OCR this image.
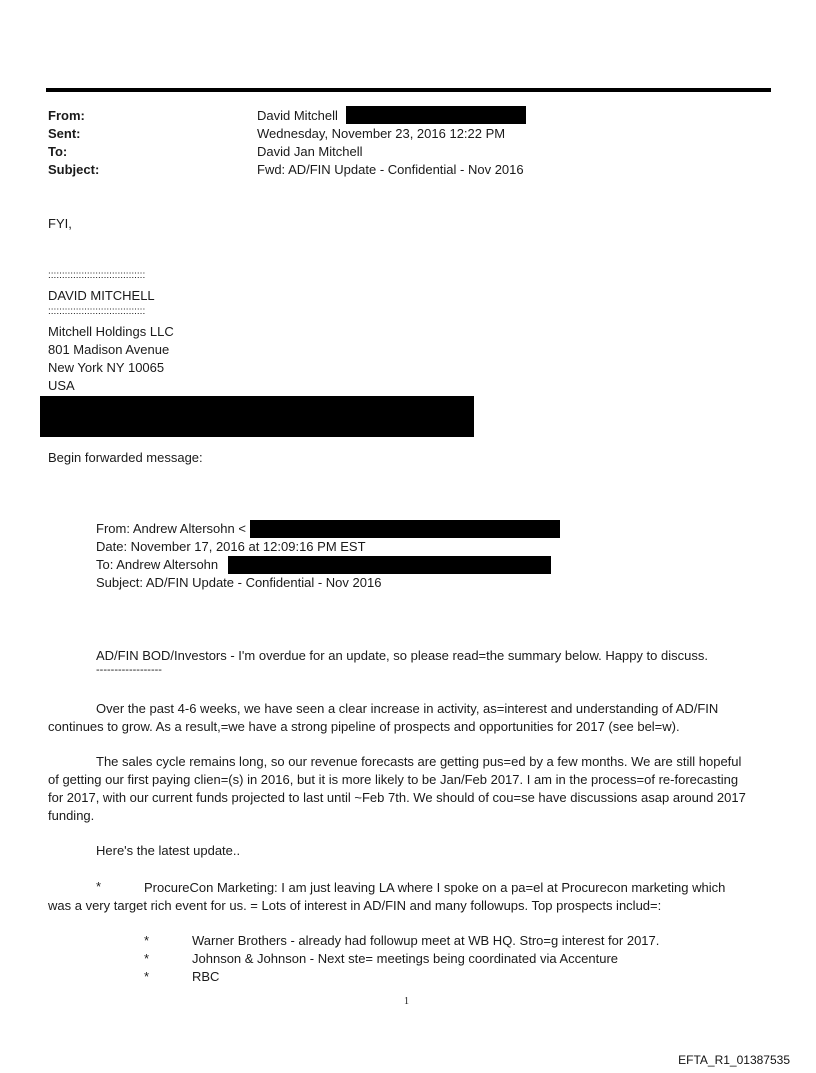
From:	David Mitchell
Sent:	Wednesday, November 23, 2016 12:22 PM
To:	David Jan Mitchell
Subject:	Fwd: AD/FIN Update - Confidential - Nov 2016
FYI,
:::::::::::::::::::::::::::::::::::
DAVID MITCHELL
:::::::::::::::::::::::::::::::::::
Mitchell Holdings LLC
801 Madison Avenue
New York NY 10065
USA
Begin forwarded message:
From: Andrew Altersohn <
Date: November 17, 2016 at 12:09:16 PM EST
To: Andrew Altersohn
Subject: AD/FIN Update - Confidential - Nov 2016
AD/FIN BOD/Investors - I'm overdue for an update, so please read=the summary below. Happy to discuss.
------------------
Over the past 4-6 weeks, we have seen a clear increase in activity, as=interest and understanding of AD/FIN continues to grow. As a result,=we have a strong pipeline of prospects and opportunities for 2017 (see bel=w).
The sales cycle remains long, so our revenue forecasts are getting pus=ed by a few months. We are still hopeful of getting our first paying clien=(s) in 2016, but it is more likely to be Jan/Feb 2017. I am in the process=of re-forecasting for 2017, with our current funds projected to last until ~Feb 7th. We should of cou=se have discussions asap around 2017 funding.
Here's the latest update..
*	ProcureCon Marketing: I am just leaving LA where I spoke on a pa=el at Procurecon marketing which was a very target rich event for us. = Lots of interest in AD/FIN and many followups. Top prospects includ=:
*	Warner Brothers - already had followup meet at WB HQ. Stro=g interest for 2017.
*	Johnson & Johnson - Next ste= meetings being coordinated via Accenture
*	RBC
1
EFTA_R1_01387535
